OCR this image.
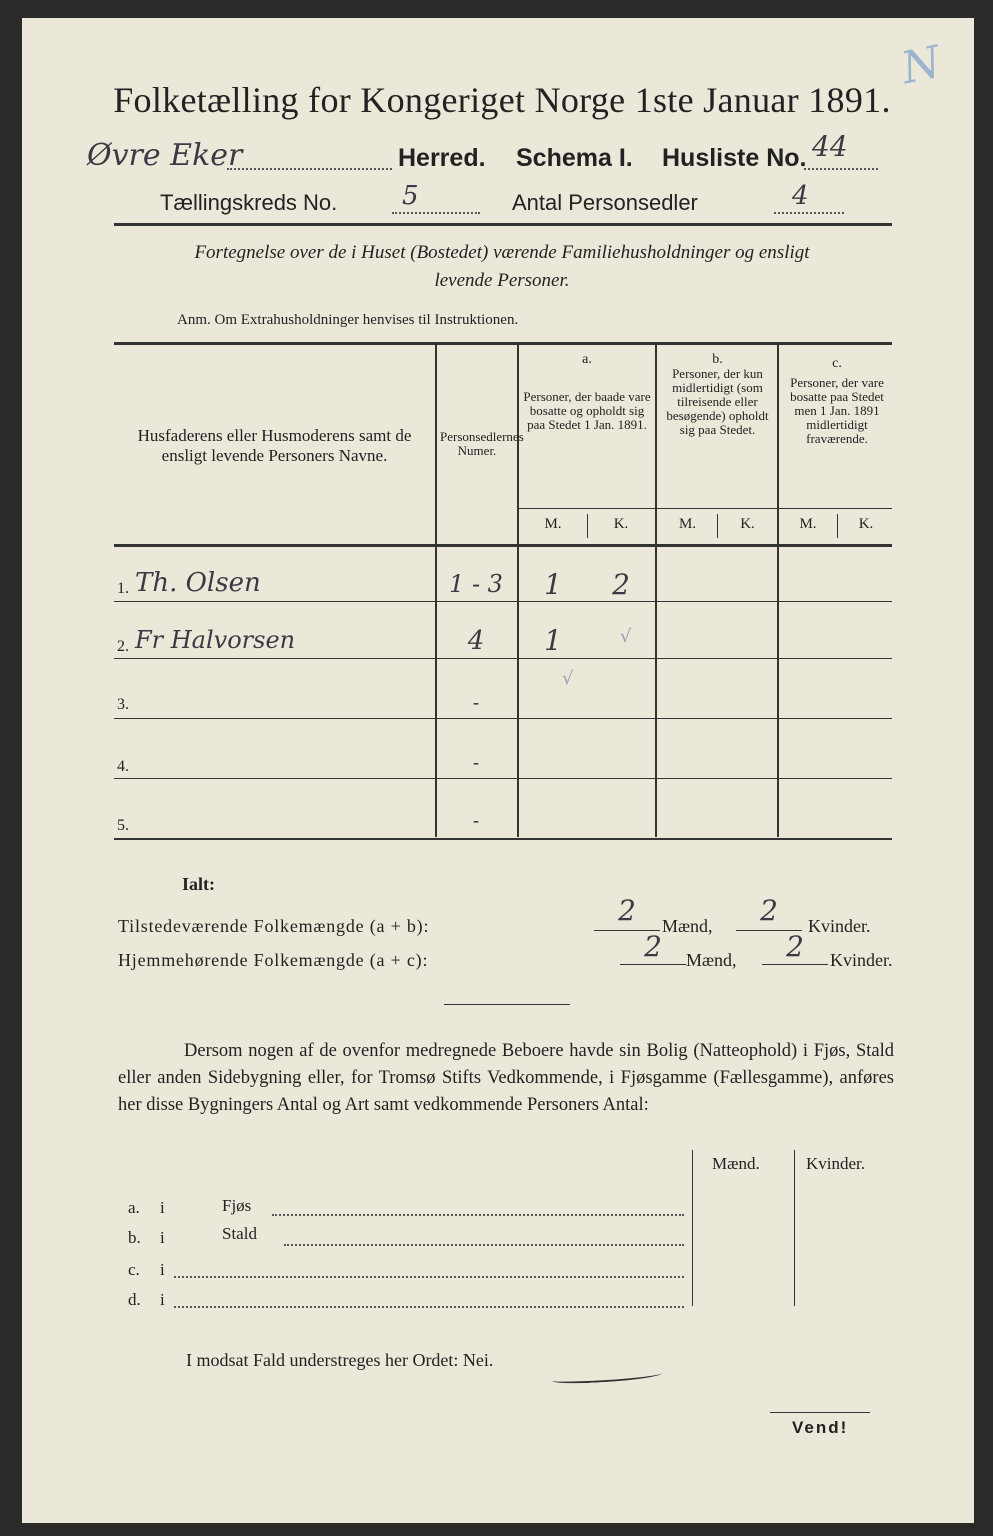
N
Folketælling for Kongeriget Norge 1ste Januar 1891.
Øvre Eker	Herred. Schema I. Husliste No. 44
Tællingskreds No. 5	Antal Personsedler	4
Fortegnelse over de i Huset (Bostedet) værende Familiehusholdninger og ensligt
levende Personer.
Anm. Om Extrahusholdninger henvises til Instruktionen.
Husfaderens eller Husmoderens samt de ensligt levende Personers Navne.
Personsedlernes Numer.
a.
Personer, der baade vare bosatte og opholdt sig paa Stedet 1 Jan. 1891.
b.
Personer, der kun midlertidigt (som tilreisende eller besøgende) opholdt sig paa Stedet.
c.
Personer, der vare bosatte paa Stedet men 1 Jan. 1891 midlertidigt fraværende.
M.	K.	M.	K.	M.	K.
1. Th. Olsen	1 - 3	1	2
2. Fr Halvorsen	4	1	√
3.	-
√
4.	-
5.	-
Ialt:
Tilstedeværende Folkemængde (a + b):	2	Mænd,	2	Kvinder.
Hjemmehørende Folkemængde (a + c):	2	Mænd,	2	Kvinder.
Dersom nogen af de ovenfor medregnede Beboere havde sin Bolig (Natteophold) i Fjøs, Stald eller anden Sidebygning eller, for Tromsø Stifts Vedkommende, i Fjøsgamme (Fællesgamme), anføres her disse Bygningers Antal og Art samt vedkommende Personers Antal:
Mænd.	Kvinder.
a. i	Fjøs
b. i	Stald
c. i
d. i
I modsat Fald understreges her Ordet: Nei.
Vend!
